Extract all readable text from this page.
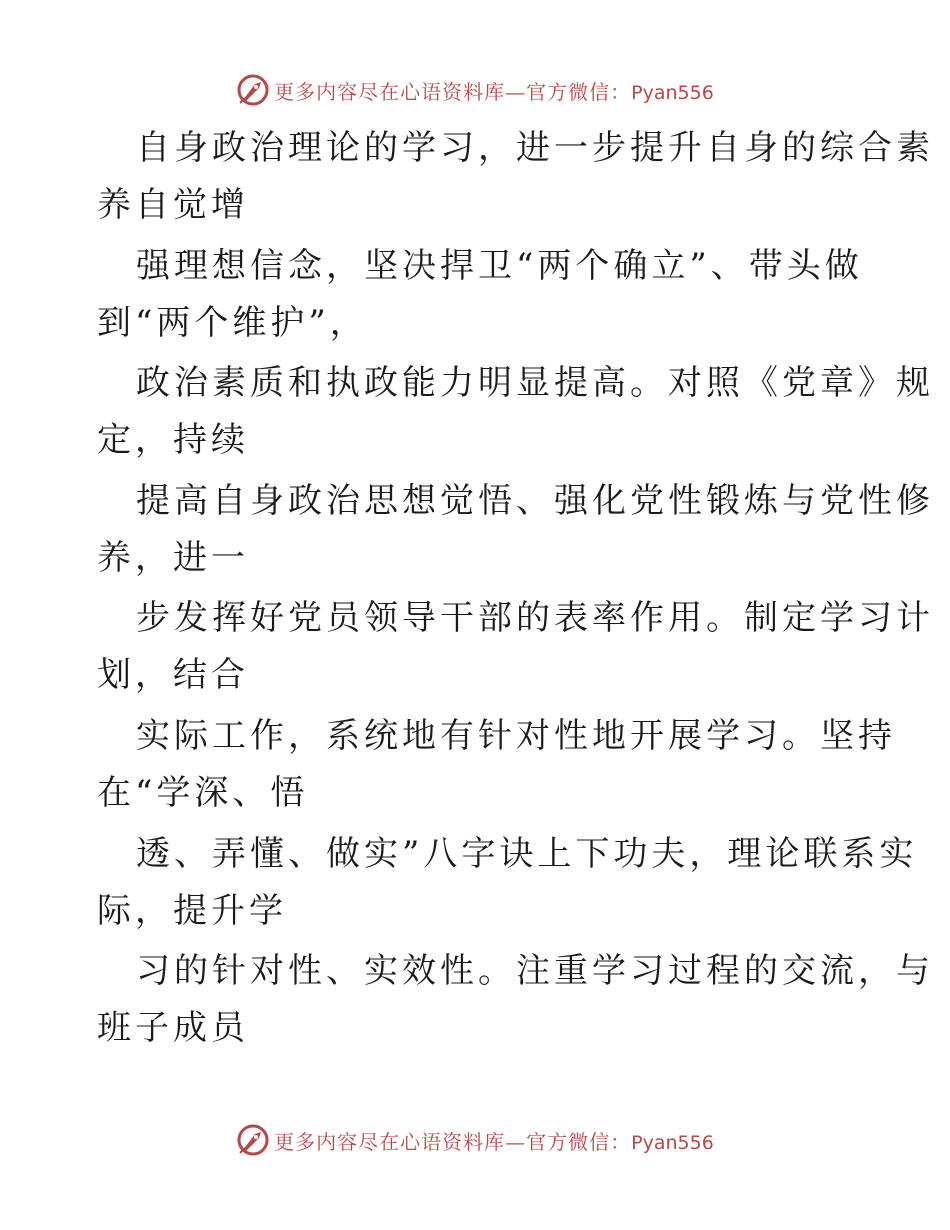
更多内容尽在心语资料库—官方微信：Pyan556
自身政治理论的学习，进一步提升自身的综合素
养自觉增
强理想信念，坚决捍卫“两个确立”、带头做
到“两个维护”，
政治素质和执政能力明显提高。对照《党章》规
定，持续
提高自身政治思想觉悟、强化党性锻炼与党性修
养，进一
步发挥好党员领导干部的表率作用。制定学习计
划，结合
实际工作，系统地有针对性地开展学习。坚持
在“学深、悟
透、弄懂、做实”八字诀上下功夫，理论联系实
际，提升学
习的针对性、实效性。注重学习过程的交流，与
班子成员
更多内容尽在心语资料库—官方微信：Pyan556
